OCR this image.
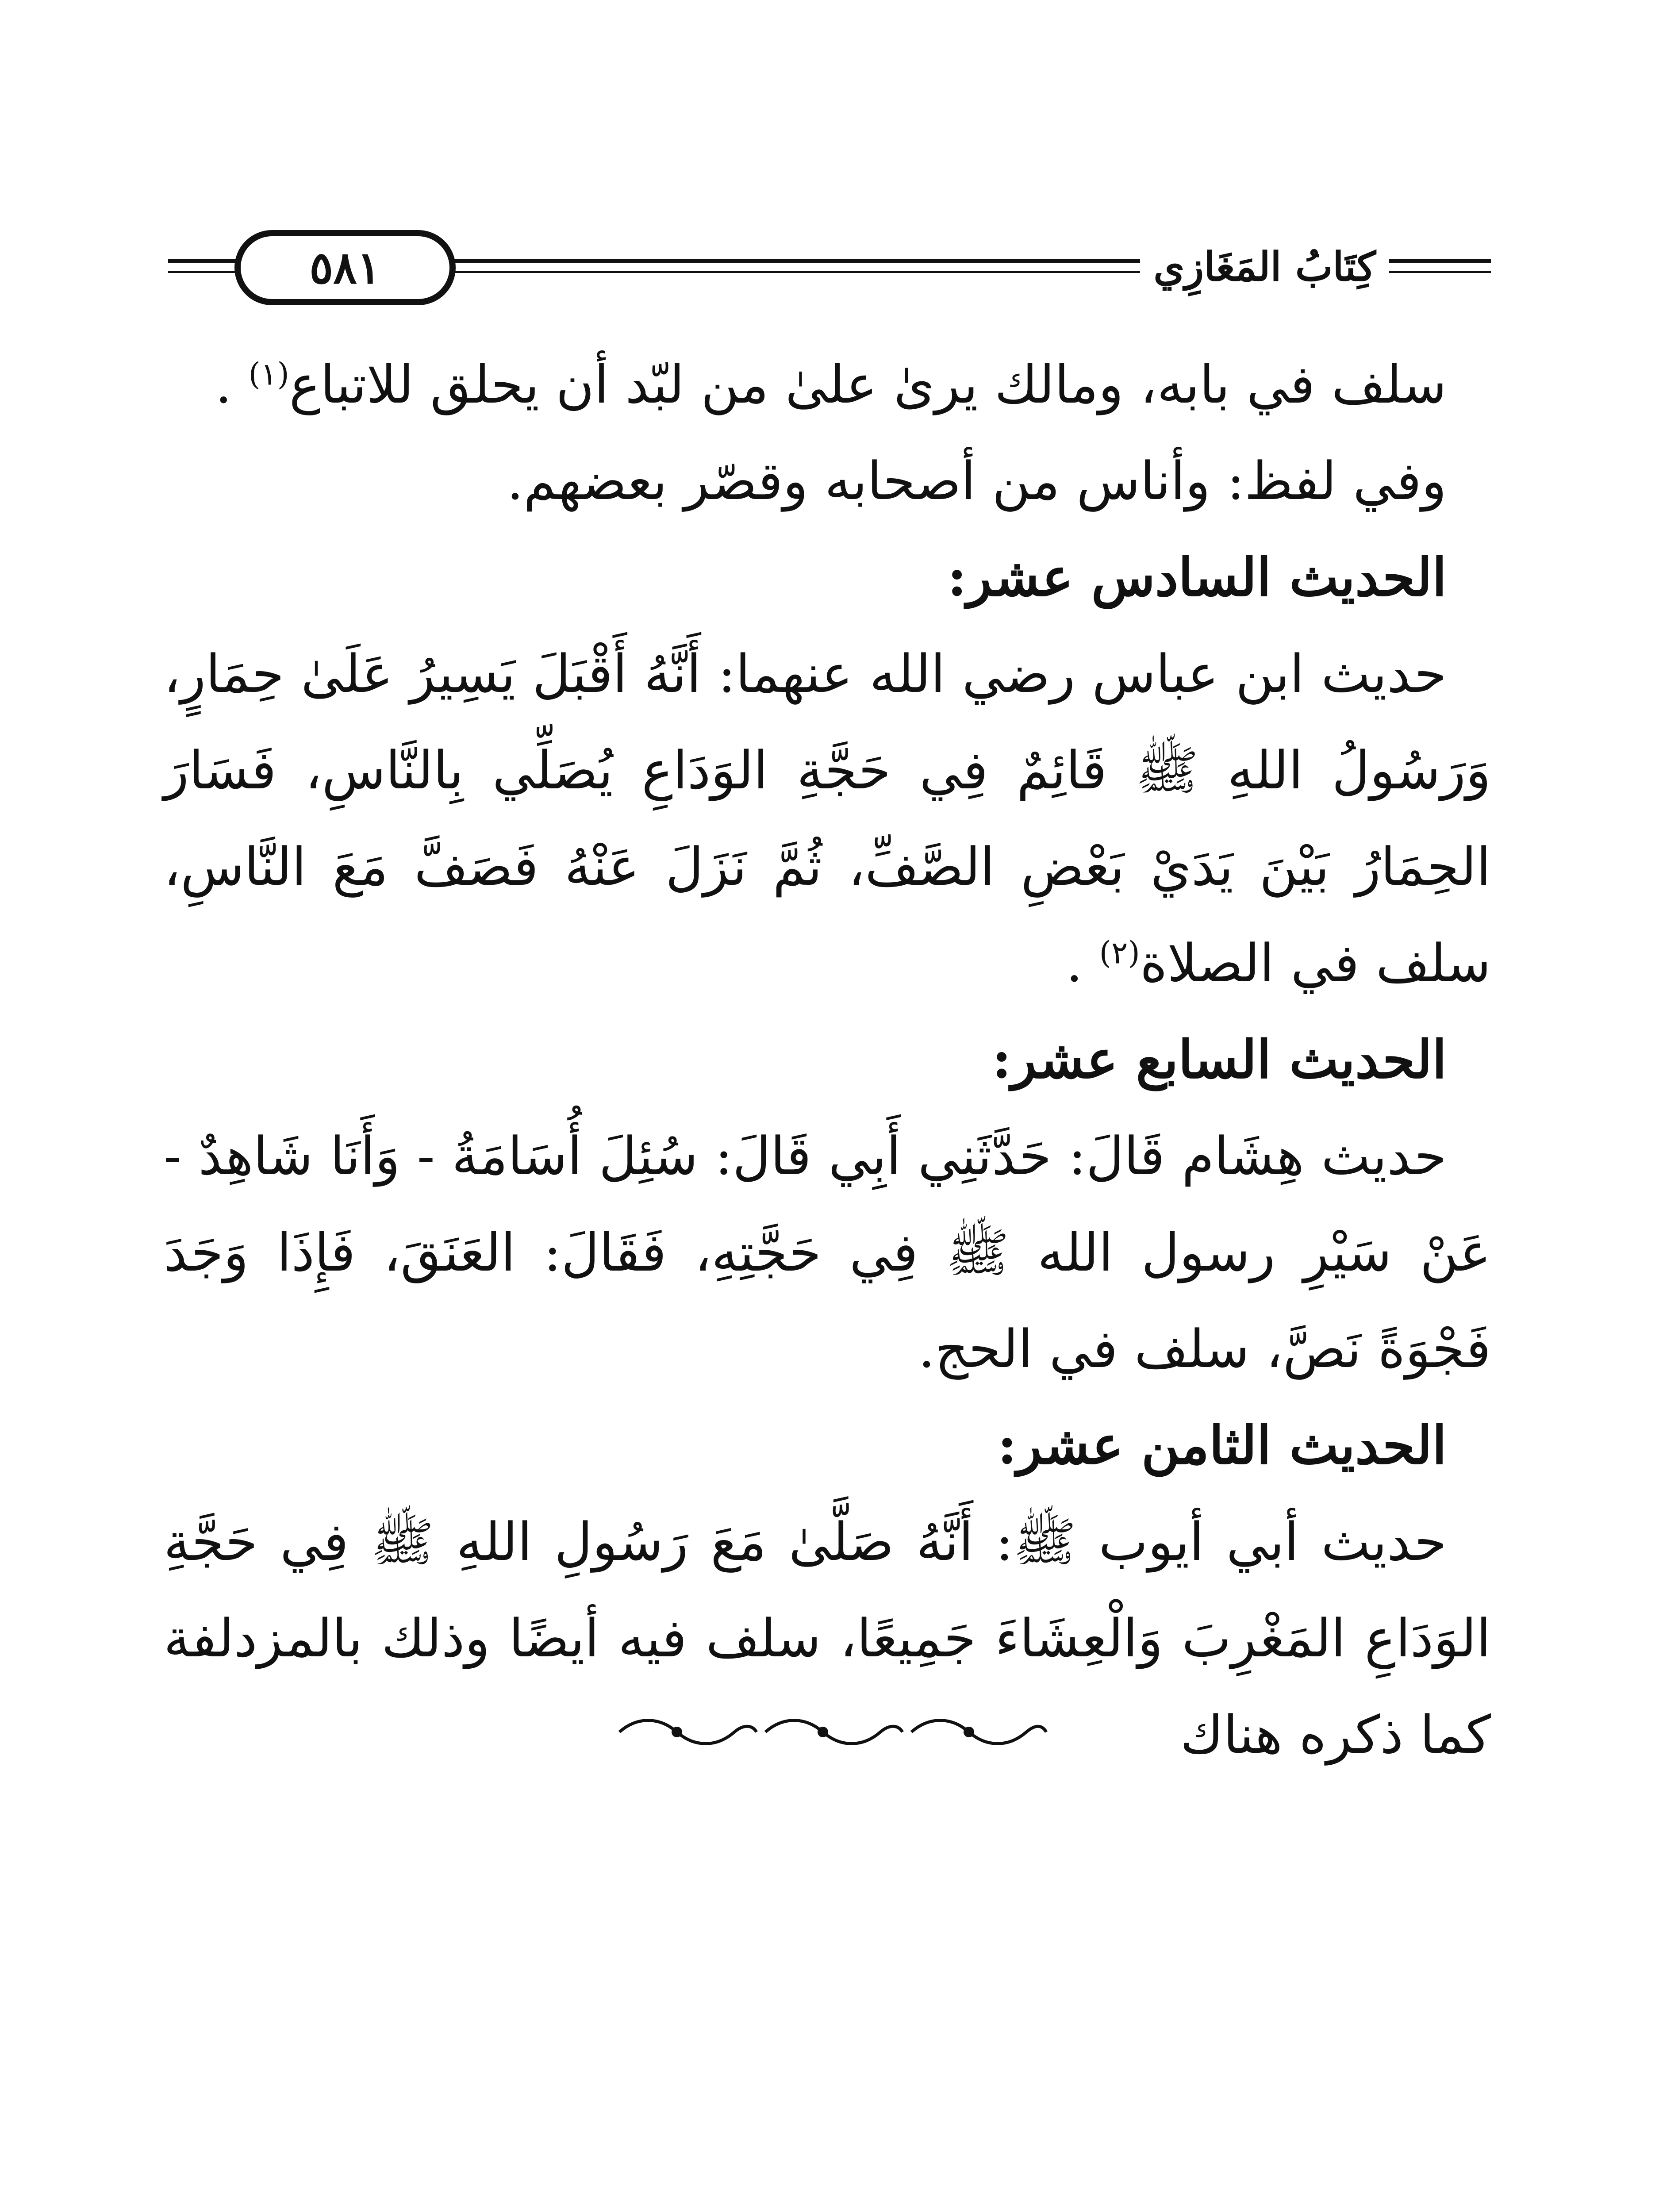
٥٨١	كِتَابُ المَغَازِي

سلف في بابه، ومالك يرىٰ علىٰ من لبّد أن يحلق للاتباع$^{(١)}$ .

وفي لفظ: وأناس من أصحابه وقصّر بعضهم.

الحديث السادس عشر:

حديث ابن عباس رضي الله عنهما: أَنَّهُ أَقْبَلَ يَسِيرُ عَلَىٰ حِمَارٍ، وَرَسُولُ اللهِ ﷺ قَائِمٌ فِي حَجَّةِ الوَدَاعِ يُصَلِّي بِالنَّاسِ، فَسَارَ الحِمَارُ بَيْنَ يَدَيْ بَعْضِ الصَّفِّ، ثُمَّ نَزَلَ عَنْهُ فَصَفَّ مَعَ النَّاسِ، سلف في الصلاة$^{(٢)}$ .

الحديث السابع عشر:

حديث هِشَام قَالَ: حَدَّثَنِي أَبِي قَالَ: سُئِلَ أُسَامَةُ - وَأَنَا شَاهِدٌ - عَنْ سَيْرِ رسول الله ﷺ فِي حَجَّتِهِ، فَقَالَ: العَنَقَ، فَإِذَا وَجَدَ فَجْوَةً نَصَّ، سلف في الحج.

الحديث الثامن عشر:

حديث أبي أيوب ﷺ: أَنَّهُ صَلَّىٰ مَعَ رَسُولِ اللهِ ﷺ فِي حَجَّةِ الوَدَاعِ المَغْرِبَ وَالْعِشَاءَ جَمِيعًا، سلف فيه أيضًا وذلك بالمزدلفة كما ذكره هناك
